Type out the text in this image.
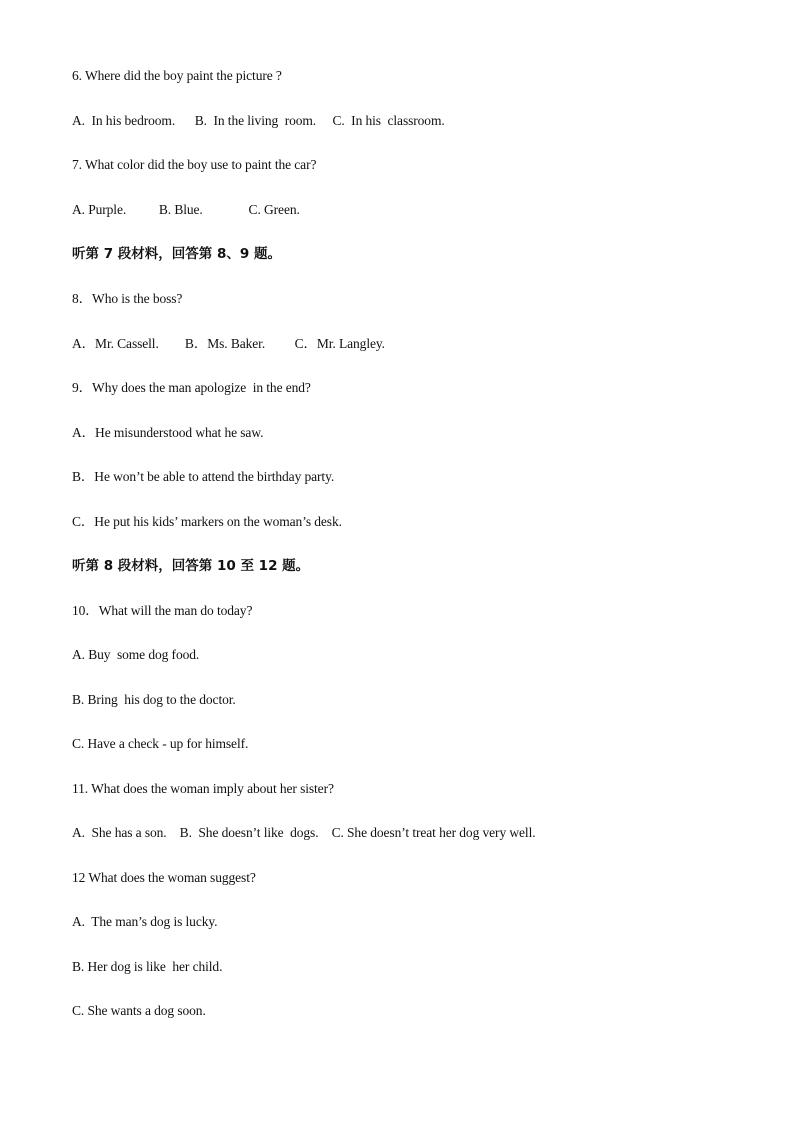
6. Where did the boy paint the picture ?
A.  In his bedroom.      B.  In the living  room.     C.  In his  classroom.
7. What color did the boy use to paint the car?
A. Purple.          B. Blue.              C. Green.
听第 7 段材料，回答第 8、9 题。
8．Who is the boss?
A．Mr. Cassell.        B．Ms. Baker.         C．Mr. Langley.
9．Why does the man apologize  in the end?
A．He misunderstood what he saw.
B．He won’t be able to attend the birthday party.
C．He put his kids’ markers on the woman’s desk.
听第 8 段材料，回答第 10 至 12 题。
10．What will the man do today?
A. Buy  some dog food.
B. Bring  his dog to the doctor.
C. Have a check - up for himself.
11. What does the woman imply about her sister?
A.  She has a son.    B.  She doesn’t like  dogs.    C. She doesn’t treat her dog very well.
12 What does the woman suggest?
A.  The man’s dog is lucky.
B. Her dog is like  her child.
C. She wants a dog soon.
